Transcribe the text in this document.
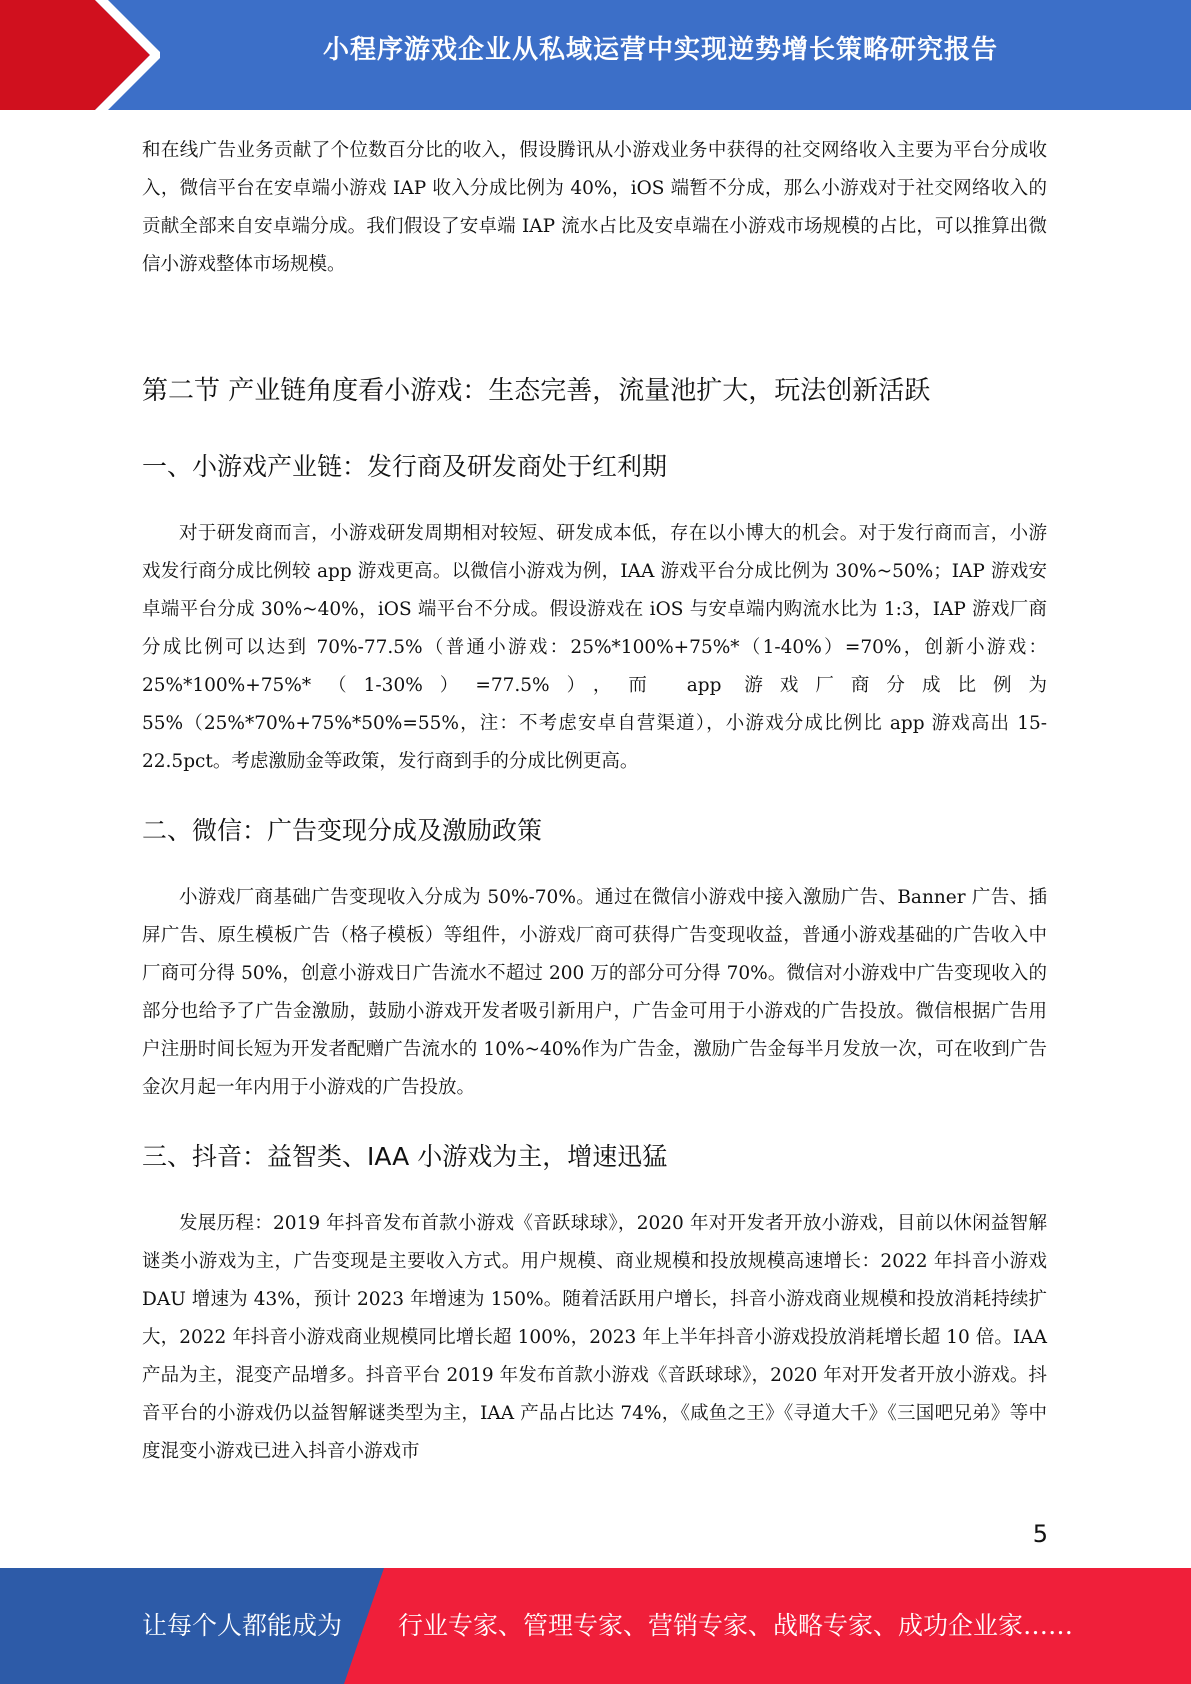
小程序游戏企业从私域运营中实现逆势增长策略研究报告

和在线广告业务贡献了个位数百分比的收入，假设腾讯从小游戏业务中获得的社交网络收入主要为平台分成收入，微信平台在安卓端小游戏 IAP 收入分成比例为 40%，iOS 端暂不分成，那么小游戏对于社交网络收入的贡献全部来自安卓端分成。我们假设了安卓端 IAP 流水占比及安卓端在小游戏市场规模的占比，可以推算出微信小游戏整体市场规模。

第二节 产业链角度看小游戏：生态完善，流量池扩大，玩法创新活跃
一、小游戏产业链：发行商及研发商处于红利期

对于研发商而言，小游戏研发周期相对较短、研发成本低，存在以小博大的机会。对于发行商而言，小游戏发行商分成比例较 app 游戏更高。以微信小游戏为例，IAA 游戏平台分成比例为 30%~50%；IAP 游戏安卓端平台分成 30%~40%，iOS 端平台不分成。假设游戏在 iOS 与安卓端内购流水比为 1:3，IAP 游戏厂商分成比例可以达到 70%-77.5%（普通小游戏：25%*100%+75%*（1-40%）=70%，创新小游戏：25%*100%+75%*（1-30%）=77.5%），而 app 游戏厂商分成比例为 55%（25%*70%+75%*50%=55%，注：不考虑安卓自营渠道），小游戏分成比例比 app 游戏高出 15-22.5pct。考虑激励金等政策，发行商到手的分成比例更高。

二、微信：广告变现分成及激励政策

小游戏厂商基础广告变现收入分成为 50%-70%。通过在微信小游戏中接入激励广告、Banner 广告、插屏广告、原生模板广告（格子模板）等组件，小游戏厂商可获得广告变现收益，普通小游戏基础的广告收入中厂商可分得 50%，创意小游戏日广告流水不超过 200 万的部分可分得 70%。微信对小游戏中广告变现收入的部分也给予了广告金激励，鼓励小游戏开发者吸引新用户，广告金可用于小游戏的广告投放。微信根据广告用户注册时间长短为开发者配赠广告流水的 10%~40%作为广告金，激励广告金每半月发放一次，可在收到广告金次月起一年内用于小游戏的广告投放。

三、抖音：益智类、IAA 小游戏为主，增速迅猛

发展历程：2019 年抖音发布首款小游戏《音跃球球》，2020 年对开发者开放小游戏，目前以休闲益智解谜类小游戏为主，广告变现是主要收入方式。用户规模、商业规模和投放规模高速增长：2022 年抖音小游戏 DAU 增速为 43%，预计 2023 年增速为 150%。随着活跃用户增长，抖音小游戏商业规模和投放消耗持续扩大，2022 年抖音小游戏商业规模同比增长超 100%，2023 年上半年抖音小游戏投放消耗增长超 10 倍。IAA 产品为主，混变产品增多。抖音平台 2019 年发布首款小游戏《音跃球球》，2020 年对开发者开放小游戏。抖音平台的小游戏仍以益智解谜类型为主，IAA 产品占比达 74%，《咸鱼之王》《寻道大千》《三国吧兄弟》等中度混变小游戏已进入抖音小游戏市

5
让每个人都能成为 行业专家、管理专家、营销专家、战略专家、成功企业家……
